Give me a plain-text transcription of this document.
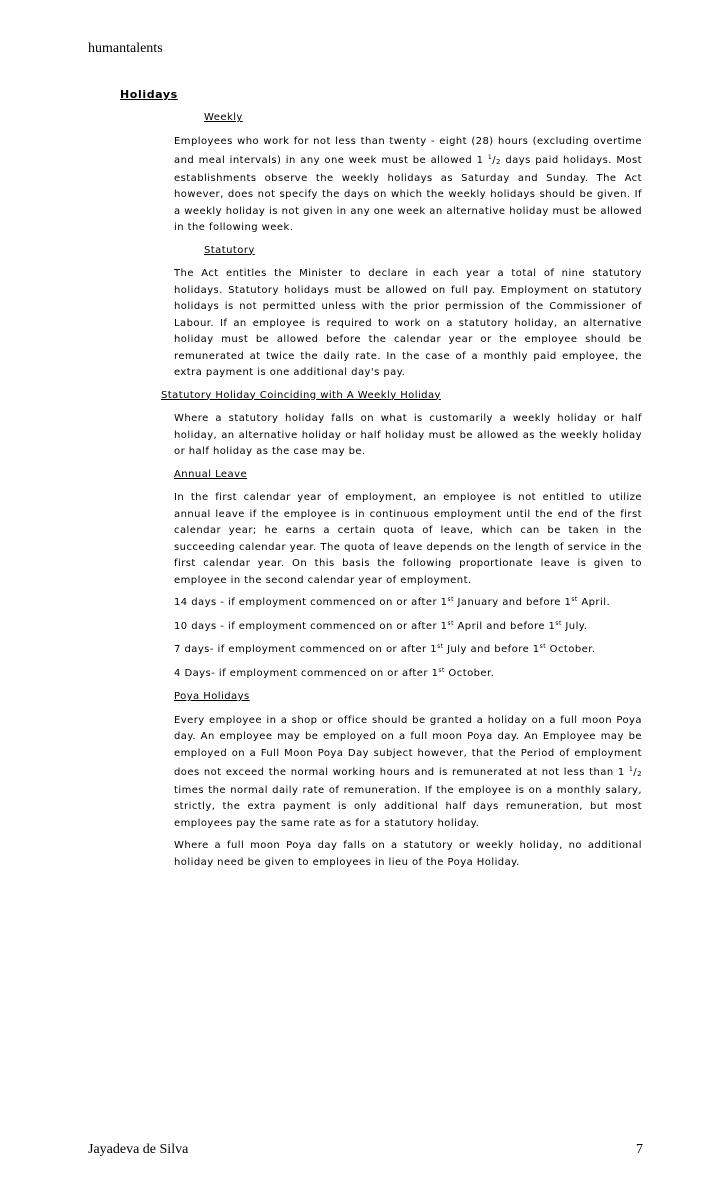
humantalents
Holidays
Weekly

Employees who work for not less than twenty - eight (28) hours (excluding overtime and meal intervals) in any one week must be allowed 1 $^1$/2 days paid holidays. Most establishments observe the weekly holidays as Saturday and Sunday. The Act however, does not specify the days on which the weekly holidays should be given. If a weekly holiday is not given in any one week an alternative holiday must be allowed in the following week.

Statutory

The Act entitles the Minister to declare in each year a total of nine statutory holidays. Statutory holidays must be allowed on full pay. Employment on statutory holidays is not permitted unless with the prior permission of the Commissioner of Labour. If an employee is required to work on a statutory holiday, an alternative holiday must be allowed before the calendar year or the employee should be remunerated at twice the daily rate. In the case of a monthly paid employee, the extra payment is one additional day's pay.

Statutory Holiday Coinciding with A Weekly Holiday

Where a statutory holiday falls on what is customarily a weekly holiday or half holiday, an alternative holiday or half holiday must be allowed as the weekly holiday or half holiday as the case may be.

Annual Leave

In the first calendar year of employment, an employee is not entitled to utilize annual leave if the employee is in continuous employment until the end of the first calendar year; he earns a certain quota of leave, which can be taken in the succeeding calendar year. The quota of leave depends on the length of service in the first calendar year. On this basis the following proportionate leave is given to employee in the second calendar year of employment.

14 days - if employment commenced on or after 1st January and before 1st April.
10 days - if employment commenced on or after 1st April and before 1st July.
7 days- if employment commenced on or after 1st July and before 1st October.
4 Days- if employment commenced on or after 1st October.
Poya Holidays

Every employee in a shop or office should be granted a holiday on a full moon Poya day. An employee may be employed on a full moon Poya day. An Employee may be employed on a Full Moon Poya Day subject however, that the Period of employment does not exceed the normal working hours and is remunerated at not less than 1 $^1$/2 times the normal daily rate of remuneration. If the employee is on a monthly salary, strictly, the extra payment is only additional half days remuneration, but most employees pay the same rate as for a statutory holiday.

Where a full moon Poya day falls on a statutory or weekly holiday, no additional holiday need be given to employees in lieu of the Poya Holiday.

Jayadeva de Silva	7
